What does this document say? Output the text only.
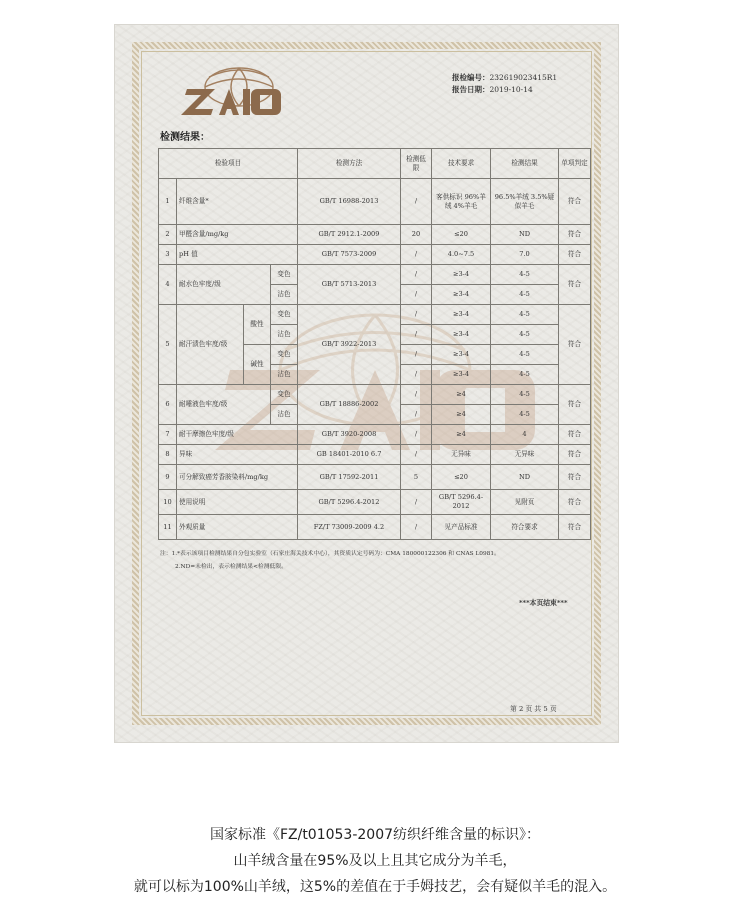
报检编号：232619023415R1
报告日期：2019-10-14
检测结果：
检验项目				检测方法	检测低限	技术要求	检测结果	单项判定
1	纤维含量*			GB/T 16988-2013	/	客供标识 96%羊绒 4%羊毛	96.5%羊绒 3.5%疑似羊毛	符合
2	甲醛含量/mg/kg			GB/T 2912.1-2009	20	≤20	ND	符合
3	pH 值			GB/T 7573-2009	/	4.0~7.5	7.0	符合
4	耐水色牢度/级		变色	GB/T 5713-2013	/	≥3-4	4-5	符合
			沾色		/	≥3-4	4-5	
5	耐汗渍色牢度/级	酸性	变色	GB/T 3922-2013	/	≥3-4	4-5	符合
			沾色		/	≥3-4	4-5	
		碱性	变色		/	≥3-4	4-5	
			沾色		/	≥3-4	4-5	
6	耐唾液色牢度/级		变色	GB/T 18886-2002	/	≥4	4-5	符合
			沾色		/	≥4	4-5	
7	耐干摩擦色牢度/级			GB/T 3920-2008	/	≥4	4	符合
8	异味			GB 18401-2010 6.7	/	无异味	无异味	符合
9	可分解致癌芳香胺染料/mg/kg			GB/T 17592-2011	5	≤20	ND	符合
10	使用说明			GB/T 5296.4-2012	/	GB/T 5296.4-2012	见附页	符合
11	外观质量			FZ/T 73009-2009 4.2	/	见产品标准	符合要求	符合
注：1.*表示该项目检测结果自分包实验室（石家庄海关技术中心），其资质认定号码为：CMA 180000122306 和 CNAS L0981。
2.ND=未检出，表示检测结果<检测低限。
***本页结束***
第 2 页 共 5 页
国家标准《FZ/t01053-2007纺织纤维含量的标识》：
山羊绒含量在95%及以上且其它成分为羊毛，
就可以标为100%山羊绒，这5%的差值在于手姆技艺，会有疑似羊毛的混入。
